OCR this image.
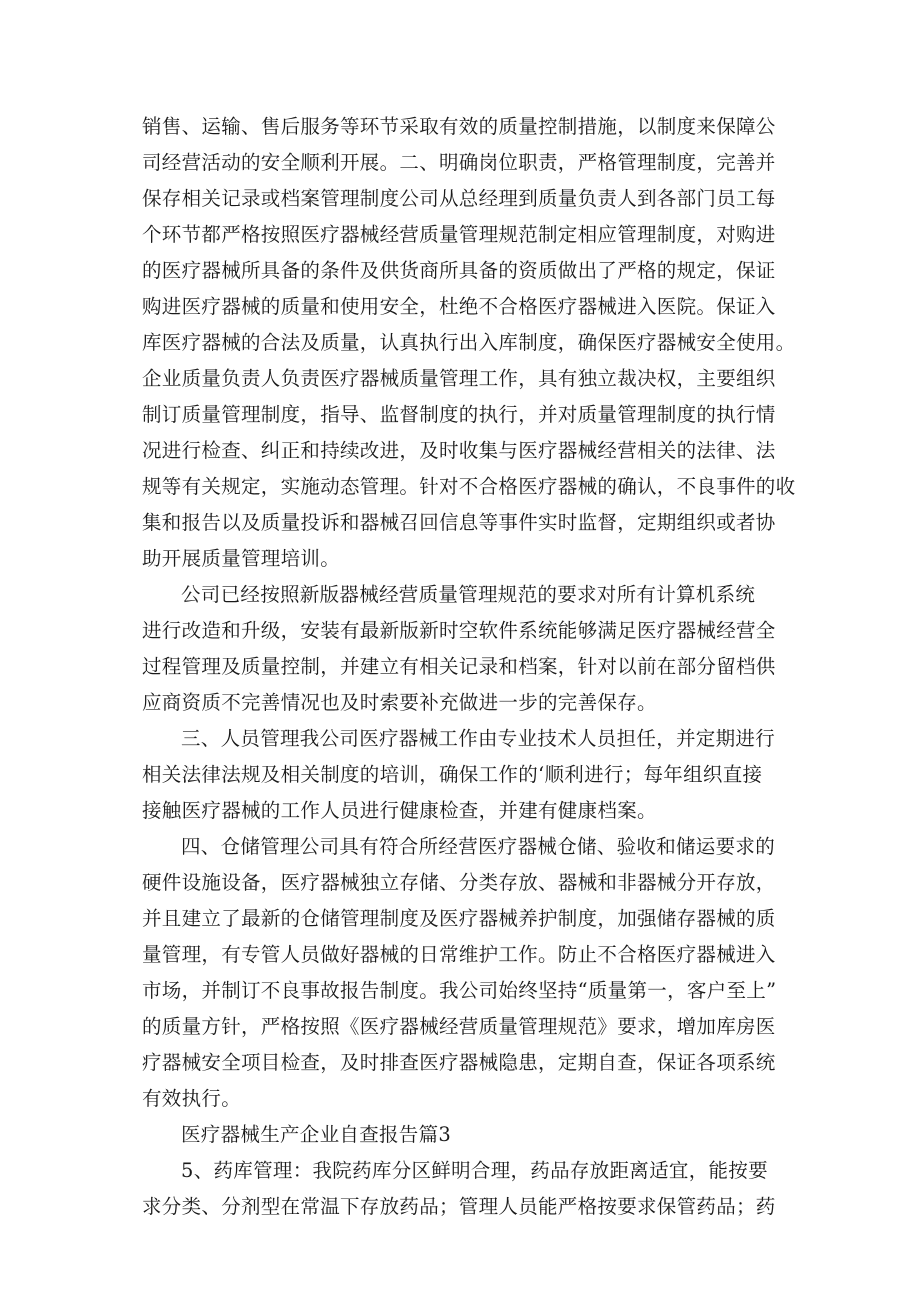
销售、运输、售后服务等环节采取有效的质量控制措施，以制度来保障公
司经营活动的安全顺利开展。二、明确岗位职责，严格管理制度，完善并
保存相关记录或档案管理制度公司从总经理到质量负责人到各部门员工每
个环节都严格按照医疗器械经营质量管理规范制定相应管理制度，对购进
的医疗器械所具备的条件及供货商所具备的资质做出了严格的规定，保证
购进医疗器械的质量和使用安全，杜绝不合格医疗器械进入医院。保证入
库医疗器械的合法及质量，认真执行出入库制度，确保医疗器械安全使用。
企业质量负责人负责医疗器械质量管理工作，具有独立裁决权，主要组织
制订质量管理制度，指导、监督制度的执行，并对质量管理制度的执行情
况进行检查、纠正和持续改进，及时收集与医疗器械经营相关的法律、法
规等有关规定，实施动态管理。针对不合格医疗器械的确认，不良事件的收
集和报告以及质量投诉和器械召回信息等事件实时监督，定期组织或者协
助开展质量管理培训。
公司已经按照新版器械经营质量管理规范的要求对所有计算机系统
进行改造和升级，安装有最新版新时空软件系统能够满足医疗器械经营全
过程管理及质量控制，并建立有相关记录和档案，针对以前在部分留档供
应商资质不完善情况也及时索要补充做进一步的完善保存。
三、人员管理我公司医疗器械工作由专业技术人员担任，并定期进行
相关法律法规及相关制度的培训，确保工作的‘顺利进行；每年组织直接
接触医疗器械的工作人员进行健康检查，并建有健康档案。
四、仓储管理公司具有符合所经营医疗器械仓储、验收和储运要求的
硬件设施设备，医疗器械独立存储、分类存放、器械和非器械分开存放，
并且建立了最新的仓储管理制度及医疗器械养护制度，加强储存器械的质
量管理，有专管人员做好器械的日常维护工作。防止不合格医疗器械进入
市场，并制订不良事故报告制度。我公司始终坚持“质量第一，客户至上”
的质量方针，严格按照《医疗器械经营质量管理规范》要求，增加库房医
疗器械安全项目检查，及时排查医疗器械隐患，定期自查，保证各项系统
有效执行。
医疗器械生产企业自查报告篇3
5、药库管理：我院药库分区鲜明合理，药品存放距离适宜，能按要
求分类、分剂型在常温下存放药品；管理人员能严格按要求保管药品；药
